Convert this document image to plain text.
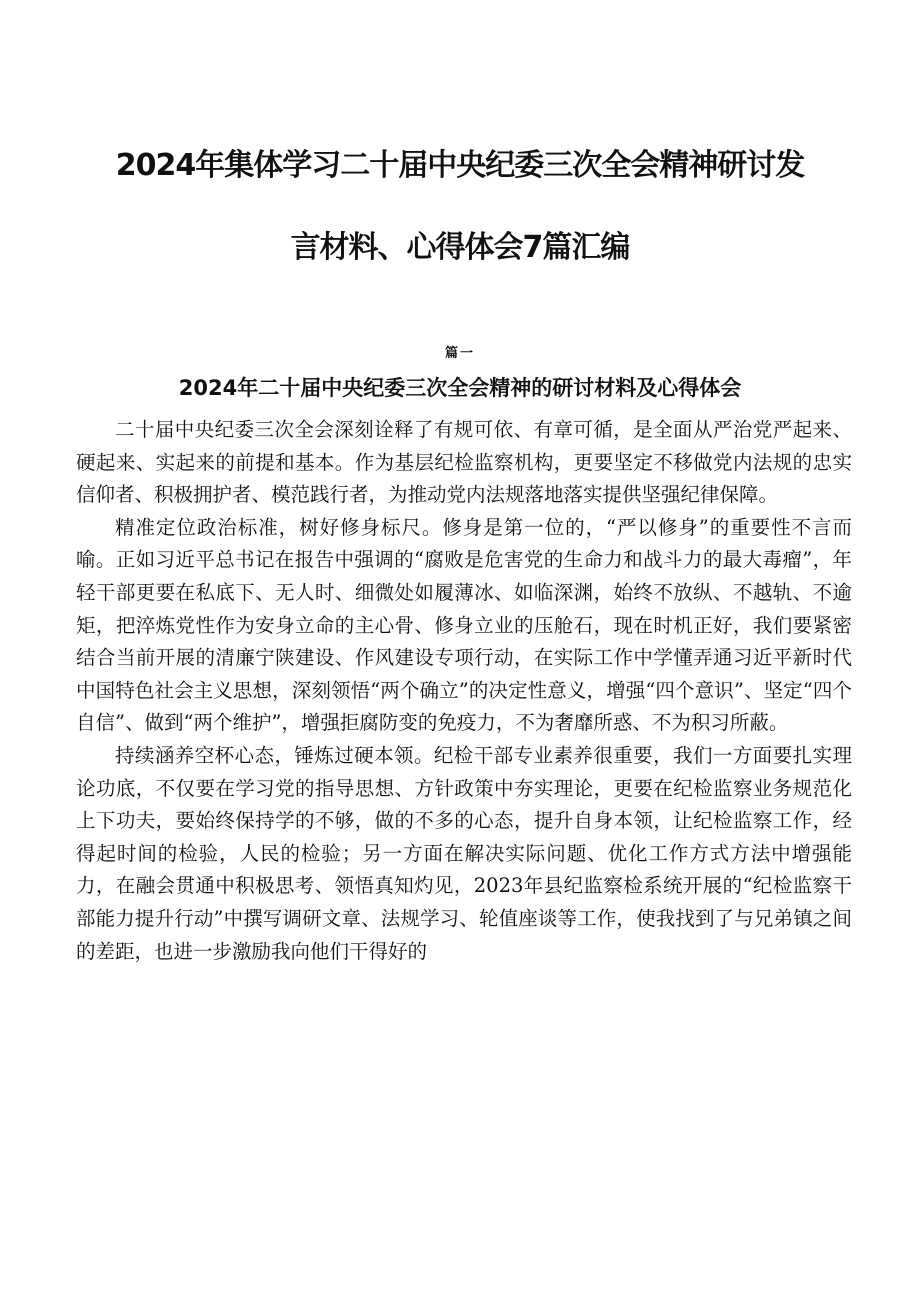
2024年集体学习二十届中央纪委三次全会精神研讨发
言材料、心得体会7篇汇编
篇一
2024年二十届中央纪委三次全会精神的研讨材料及心得体会

二十届中央纪委三次全会深刻诠释了有规可依、有章可循，是全面从严治党严起来、硬起来、实起来的前提和基本。作为基层纪检监察机构，更要坚定不移做党内法规的忠实信仰者、积极拥护者、模范践行者，为推动党内法规落地落实提供坚强纪律保障。

精准定位政治标准，树好修身标尺。修身是第一位的，“严以修身”的重要性不言而喻。正如习近平总书记在报告中强调的“腐败是危害党的生命力和战斗力的最大毒瘤”，年轻干部更要在私底下、无人时、细微处如履薄冰、如临深渊，始终不放纵、不越轨、不逾矩，把淬炼党性作为安身立命的主心骨、修身立业的压舱石，现在时机正好，我们要紧密结合当前开展的清廉宁陕建设、作风建设专项行动，在实际工作中学懂弄通习近平新时代中国特色社会主义思想，深刻领悟“两个确立”的决定性意义，增强“四个意识”、坚定“四个自信”、做到“两个维护”，增强拒腐防变的免疫力，不为奢靡所惑、不为积习所蔽。

持续涵养空杯心态，锤炼过硬本领。纪检干部专业素养很重要，我们一方面要扎实理论功底，不仅要在学习党的指导思想、方针政策中夯实理论，更要在纪检监察业务规范化上下功夫，要始终保持学的不够，做的不多的心态，提升自身本领，让纪检监察工作，经得起时间的检验，人民的检验；另一方面在解决实际问题、优化工作方式方法中增强能力，在融会贯通中积极思考、领悟真知灼见，2023年县纪监察检系统开展的“纪检监察干部能力提升行动”中撰写调研文章、法规学习、轮值座谈等工作，使我找到了与兄弟镇之间的差距，也进一步激励我向他们干得好的
